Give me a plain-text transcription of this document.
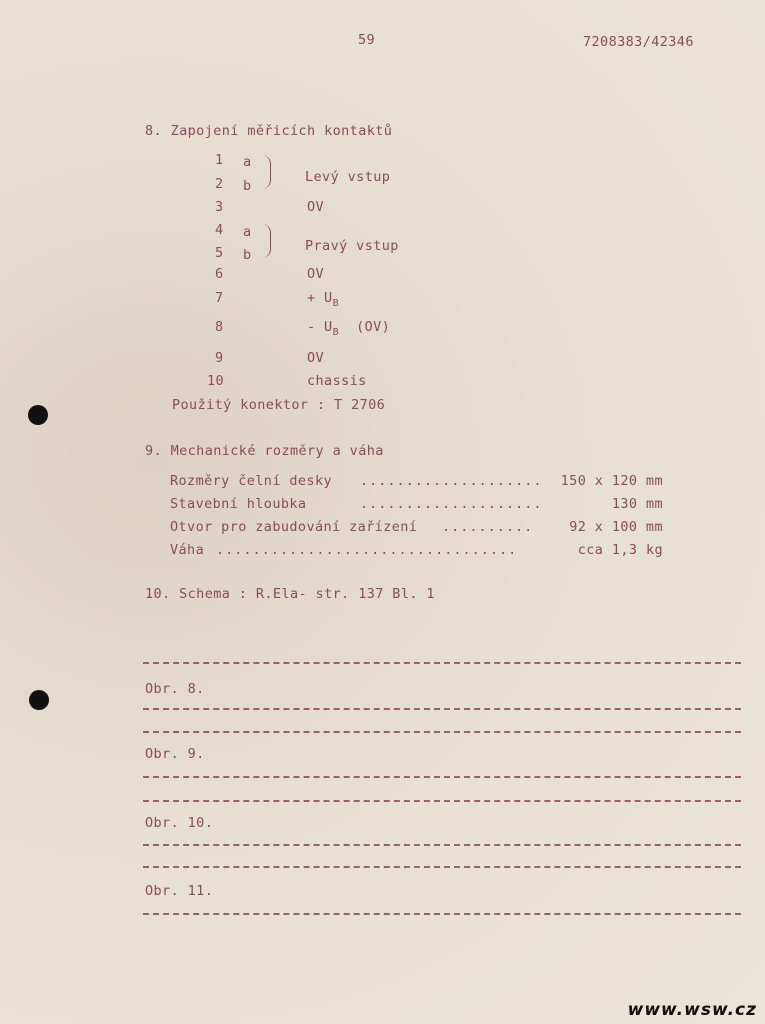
59	7208383/42346
8. Zapojení měřicích kontaktů
1 a
2 b
Levý vstup
3	OV
4 a
5 b
Pravý vstup
6	OV
7	+ $U_B$
8	- $U_B$ (OV)
9	OV
10	chassis
Použitý konektor : T 2706
9. Mechanické rozměry a váha
Rozměry čelní desky .................... 150 x 120 mm
Stavební hloubka	....................	130 mm
Otvor pro zabudování zařízení ..........	92 x 100 mm
Váha .................................	cca 1,3 kg
10. Schema : R.Ela- str. 137 Bl. 1
Obr. 8.
Obr. 9.
Obr. 10.
Obr. 11.
www.wsw.cz
